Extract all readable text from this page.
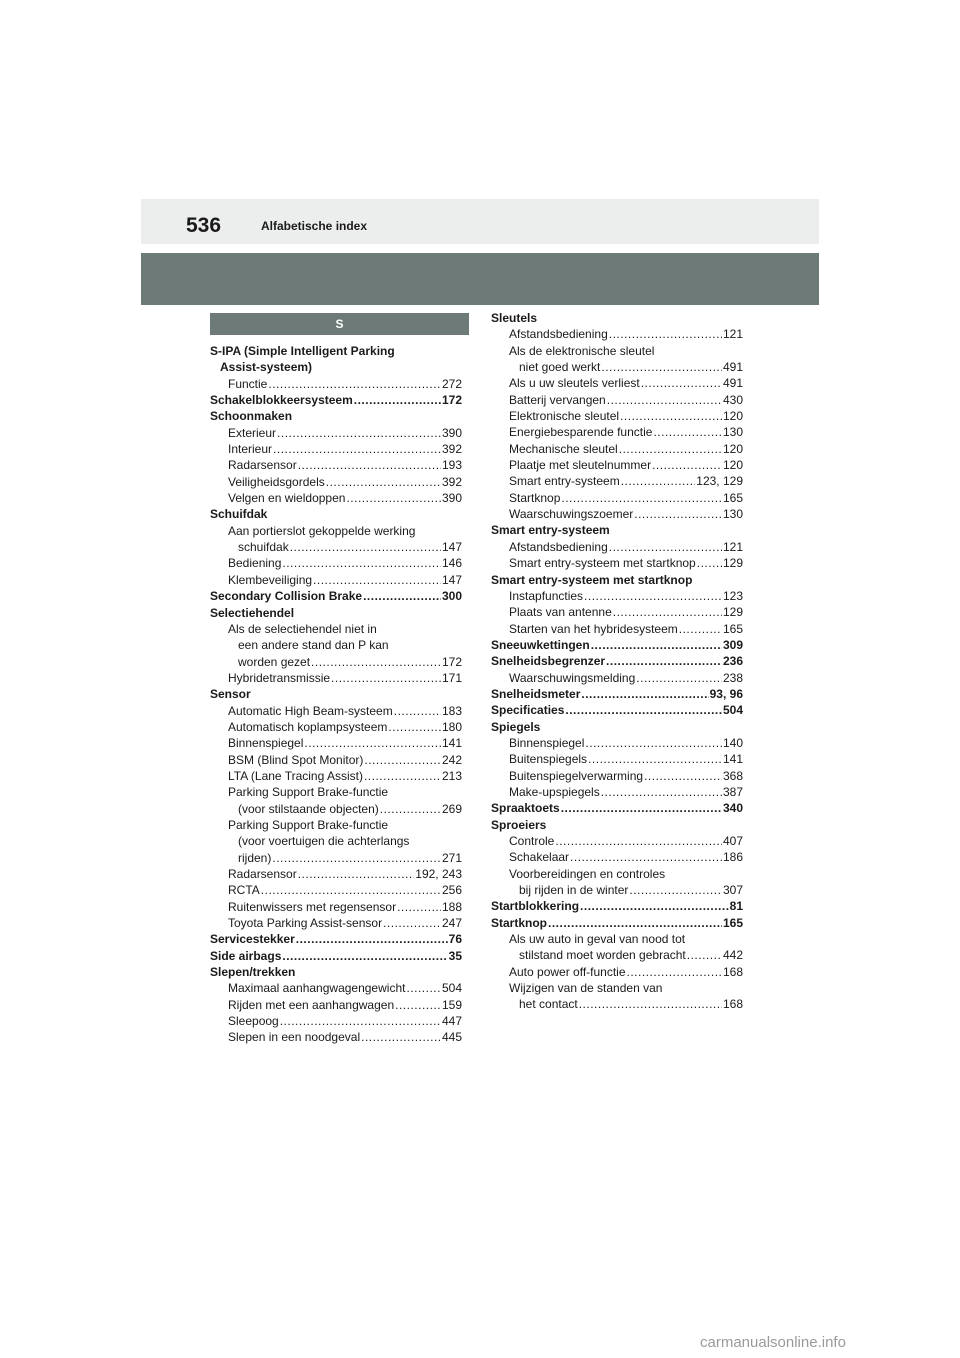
536	Alfabetische index
S
S-IPA (Simple Intelligent Parking
Assist-systeem)
Functie .....	272
Schakelblokkeersysteem .....	172
Schoonmaken
Exterieur .....	390
Interieur .....	392
Radarsensor .....	193
Veiligheidsgordels .....	392
Velgen en wieldoppen .....	390
Schuifdak
Aan portierslot gekoppelde werking
schuifdak .....	147
Bediening .....	146
Klembeveiliging .....	147
Secondary Collision Brake .....	300
Selectiehendel
Als de selectiehendel niet in
een andere stand dan P kan
worden gezet .....	172
Hybridetransmissie .....	171
Sensor
Automatic High Beam-systeem .....	183
Automatisch koplampsysteem .....	180
Binnenspiegel .....	141
BSM (Blind Spot Monitor) .....	242
LTA (Lane Tracing Assist) .....	213
Parking Support Brake-functie
(voor stilstaande objecten) .....	269
Parking Support Brake-functie
(voor voertuigen die achterlangs
rijden) .....	271
Radarsensor .....	192, 243
RCTA .....	256
Ruitenwissers met regensensor .....	188
Toyota Parking Assist-sensor .....	247
Servicestekker .....	76
Side airbags .....	35
Slepen/trekken
Maximaal aanhangwagengewicht .....	504
Rijden met een aanhangwagen .....	159
Sleepoog .....	447
Slepen in een noodgeval .....	445
Sleutels
Afstandsbediening .....	121
Als de elektronische sleutel
niet goed werkt .....	491
Als u uw sleutels verliest .....	491
Batterij vervangen .....	430
Elektronische sleutel .....	120
Energiebesparende functie .....	130
Mechanische sleutel .....	120
Plaatje met sleutelnummer .....	120
Smart entry-systeem .....	123, 129
Startknop .....	165
Waarschuwingszoemer .....	130
Smart entry-systeem
Afstandsbediening .....	121
Smart entry-systeem met startknop ..... 129
Smart entry-systeem met startknop
Instapfuncties .....	123
Plaats van antenne .....	129
Starten van het hybridesysteem .....	165
Sneeuwkettingen .....	309
Snelheidsbegrenzer .....	236
Waarschuwingsmelding .....	238
Snelheidsmeter .....	93, 96
Specificaties .....	504
Spiegels
Binnenspiegel .....	140
Buitenspiegels .....	141
Buitenspiegelverwarming .....	368
Make-upspiegels .....	387
Spraaktoets .....	340
Sproeiers
Controle .....	407
Schakelaar .....	186
Voorbereidingen en controles
bij rijden in de winter .....	307
Startblokkering .....	81
Startknop .....	165
Als uw auto in geval van nood tot
stilstand moet worden gebracht .....	442
Auto power off-functie .....	168
Wijzigen van de standen van
het contact .....	168
carmanualsonline.info
